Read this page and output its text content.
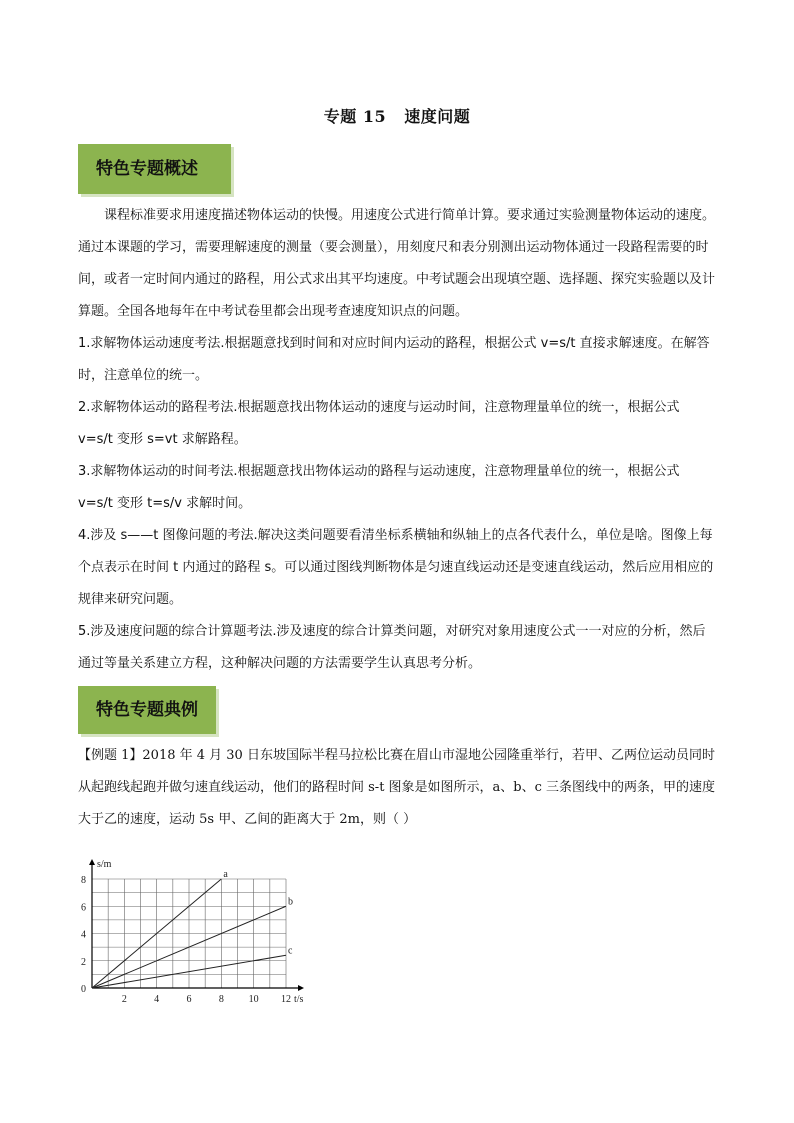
专题 15 速度问题
特色专题概述

课程标准要求用速度描述物体运动的快慢。用速度公式进行简单计算。要求通过实验测量物体运动的速度。通过本课题的学习，需要理解速度的测量（要会测量），用刻度尺和表分别测出运动物体通过一段路程需要的时间，或者一定时间内通过的路程，用公式求出其平均速度。中考试题会出现填空题、选择题、探究实验题以及计算题。全国各地每年在中考试卷里都会出现考查速度知识点的问题。

1.求解物体运动速度考法.根据题意找到时间和对应时间内运动的路程，根据公式 v=s/t 直接求解速度。在解答时，注意单位的统一。

2.求解物体运动的路程考法.根据题意找出物体运动的速度与运动时间，注意物理量单位的统一，根据公式 v=s/t 变形 s=vt 求解路程。

3.求解物体运动的时间考法.根据题意找出物体运动的路程与运动速度，注意物理量单位的统一，根据公式 v=s/t 变形 t=s/v 求解时间。

4.涉及 s——t 图像问题的考法.解决这类问题要看清坐标系横轴和纵轴上的点各代表什么，单位是啥。图像上每个点表示在时间 t 内通过的路程 s。可以通过图线判断物体是匀速直线运动还是变速直线运动，然后应用相应的规律来研究问题。

5.涉及速度问题的综合计算题考法.涉及速度的综合计算类问题，对研究对象用速度公式一一对应的分析，然后通过等量关系建立方程，这种解决问题的方法需要学生认真思考分析。

特色专题典例

【例题 1】2018 年 4 月 30 日东坡国际半程马拉松比赛在眉山市湿地公园隆重举行，若甲、乙两位运动员同时从起跑线起跑并做匀速直线运动，他们的路程时间 s-t 图象是如图所示，a、b、c 三条图线中的两条，甲的速度大于乙的速度，运动 5s 甲、乙间的距离大于 2m，则（ ）

s/m
t/s
2	4	6	8 10 12
0
2
4
6
8
a
b
c
